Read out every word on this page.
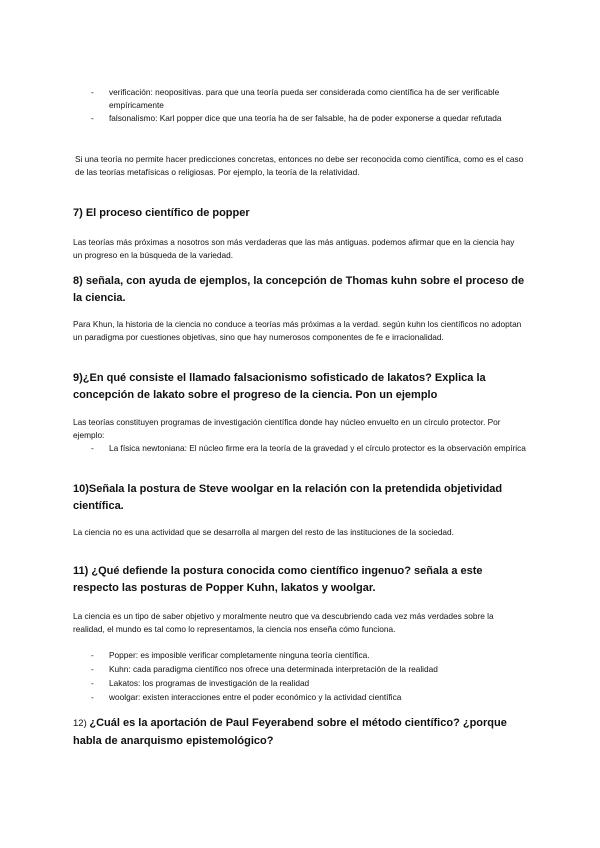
- verificación: neopositivas. para que una teoría pueda ser considerada como científica ha de ser verificable empíricamente
- falsonalismo: Karl popper dice que una teoría ha de ser falsable, ha de poder exponerse a quedar refutada
Si una teoría no permite hacer predicciones concretas, entonces no debe ser reconocida como científica, como es el caso de las teorías metafísicas o religiosas. Por ejemplo, la teoría de la relatividad.
7) El proceso científico de popper
Las teorías más próximas a nosotros son más verdaderas que las más antiguas. podemos afirmar que en la ciencia hay un progreso en la búsqueda de la variedad.
8) señala, con ayuda de ejemplos, la concepción de Thomas kuhn sobre el proceso de la ciencia.
Para Khun, la historia de la ciencia no conduce a teorías más próximas a la verdad. según kuhn los científicos no adoptan un paradigma por cuestiones objetivas, sino que hay numerosos componentes de fe e irracionalidad.
9)¿En qué consiste el llamado falsacionismo sofisticado de lakatos? Explica la concepción de lakato sobre el progreso de la ciencia. Pon un ejemplo
Las teorías constituyen programas de investigación científica donde hay núcleo envuelto en un círculo protector. Por ejemplo:
- La física newtoniana: El núcleo firme era la teoría de la gravedad y el círculo protector es la observación empírica
10)Señala la postura de Steve woolgar en la relación con la pretendida objetividad científica.
La ciencia no es una actividad que se desarrolla al margen del resto de las instituciones de la sociedad.
11) ¿Qué defiende la postura conocida como científico ingenuo? señala a este respecto las posturas de Popper Kuhn, lakatos y woolgar.
La ciencia es un tipo de saber objetivo y moralmente neutro que va descubriendo cada vez más verdades sobre la realidad, el mundo es tal como lo representamos, la ciencia nos enseña cómo funciona.
- Popper: es imposible verificar completamente ninguna teoría científica.
- Kuhn: cada paradigma científico nos ofrece una determinada interpretación de la realidad
- Lakatos: los programas de investigación de la realidad
- woolgar: existen interacciones entre el poder económico y la actividad científica
12) ¿Cuál es la aportación de Paul Feyerabend sobre el método científico? ¿porque habla de anarquismo epistemológico?
